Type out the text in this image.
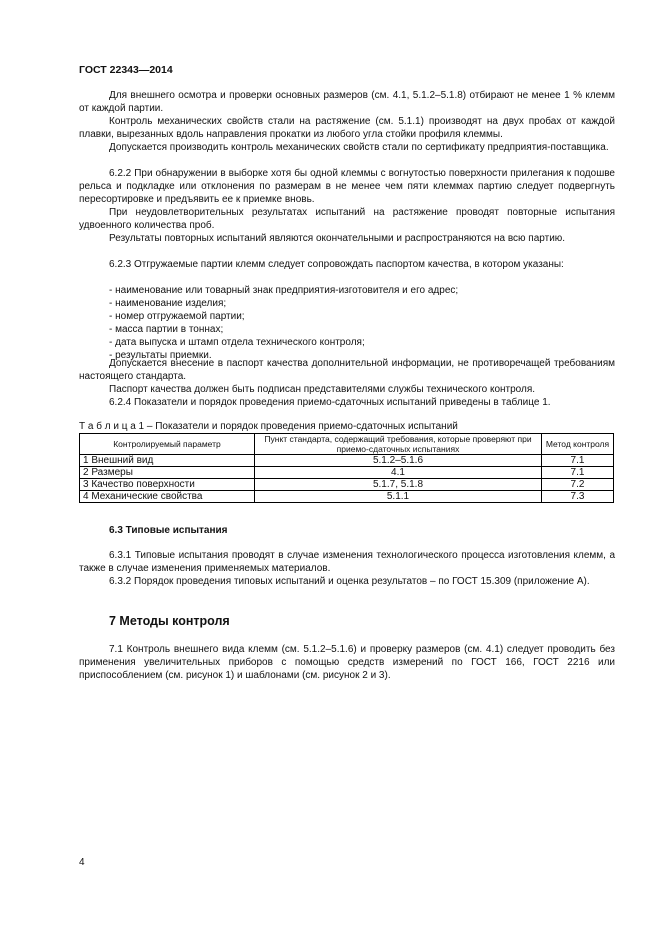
ГОСТ 22343—2014

Для внешнего осмотра и проверки основных размеров (см. 4.1, 5.1.2–5.1.8) отбирают не менее 1 % клемм от каждой партии.

Контроль механических свойств стали на растяжение (см. 5.1.1) производят на двух пробах от каждой плавки, вырезанных вдоль направления прокатки из любого угла стойки профиля клеммы.

Допускается производить контроль механических свойств стали по сертификату предприятия-поставщика.

6.2.2 При обнаружении в выборке хотя бы одной клеммы с вогнутостью поверхности прилегания к подошве рельса и подкладке или отклонения по размерам в не менее чем пяти клеммах партию следует подвергнуть пересортировке и предъявить ее к приемке вновь.

При неудовлетворительных результатах испытаний на растяжение проводят повторные испытания удвоенного количества проб.

Результаты повторных испытаний являются окончательными и распространяются на всю партию.

6.2.3 Отгружаемые партии клемм следует сопровождать паспортом качества, в котором указаны:

- наименование или товарный знак предприятия-изготовителя и его адрес;

- наименование изделия;

- номер отгружаемой партии;

- масса партии в тоннах;

- дата выпуска и штамп отдела технического контроля;

- результаты приемки.

Допускается внесение в паспорт качества дополнительной информации, не противоречащей требованиям настоящего стандарта.

Паспорт качества должен быть подписан представителями службы технического контроля.

6.2.4 Показатели и порядок проведения приемо-сдаточных испытаний приведены в таблице 1.

Т а б л и ц а 1 – Показатели и порядок проведения приемо-сдаточных испытаний
Контролируемый параметр	Пункт стандарта, содержащий требования, которые проверяют при приемо-сдаточных испытаниях	Метод контроля
1 Внешний вид	5.1.2–5.1.6	7.1
2 Размеры	4.1	7.1
3 Качество поверхности	5.1.7, 5.1.8	7.2
4 Механические свойства	5.1.1	7.3
6.3 Типовые испытания

6.3.1 Типовые испытания проводят в случае изменения технологического процесса изготовления клемм, а также в случае изменения применяемых материалов.

6.3.2 Порядок проведения типовых испытаний и оценка результатов – по ГОСТ 15.309 (приложение А).

7 Методы контроля

7.1 Контроль внешнего вида клемм (см. 5.1.2–5.1.6) и проверку размеров (см. 4.1) следует проводить без применения увеличительных приборов с помощью средств измерений по ГОСТ 166, ГОСТ 2216 или приспособлением (см. рисунок 1) и шаблонами (см. рисунок 2 и 3).

4
